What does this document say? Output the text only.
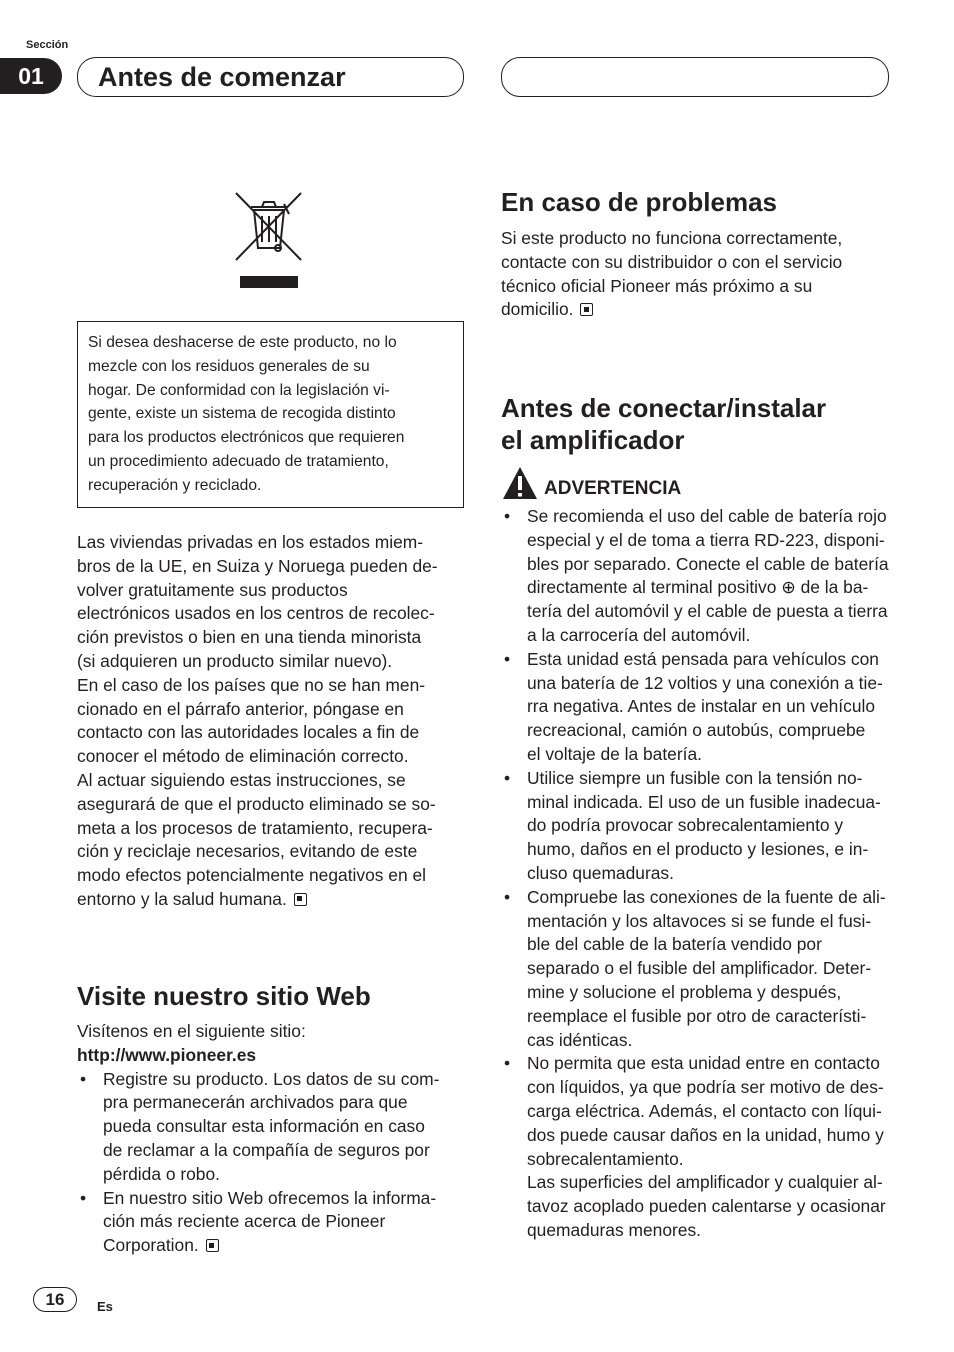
Sección
01	Antes de comenzar
Si desea deshacerse de este producto, no lo
mezcle con los residuos generales de su
hogar. De conformidad con la legislación vi-
gente, existe un sistema de recogida distinto
para los productos electrónicos que requieren
un procedimiento adecuado de tratamiento,
recuperación y reciclado.
Las viviendas privadas en los estados miem-
bros de la UE, en Suiza y Noruega pueden de-
volver gratuitamente sus productos
electrónicos usados en los centros de recolec-
ción previstos o bien en una tienda minorista
(si adquieren un producto similar nuevo).
En el caso de los países que no se han men-
cionado en el párrafo anterior, póngase en
contacto con las autoridades locales a fin de
conocer el método de eliminación correcto.
Al actuar siguiendo estas instrucciones, se
asegurará de que el producto eliminado se so-
meta a los procesos de tratamiento, recupera-
ción y reciclaje necesarios, evitando de este
modo efectos potencialmente negativos en el
entorno y la salud humana.
Visite nuestro sitio Web
Visítenos en el siguiente sitio:
http://www.pioneer.es
• Registre su producto. Los datos de su com-
pra permanecerán archivados para que
pueda consultar esta información en caso
de reclamar a la compañía de seguros por
pérdida o robo.
• En nuestro sitio Web ofrecemos la informa-
ción más reciente acerca de Pioneer
Corporation.
En caso de problemas
Si este producto no funciona correctamente,
contacte con su distribuidor o con el servicio
técnico oficial Pioneer más próximo a su
domicilio.
Antes de conectar/instalar
el amplificador
ADVERTENCIA
• Se recomienda el uso del cable de batería rojo
especial y el de toma a tierra RD-223, disponi-
bles por separado. Conecte el cable de batería
directamente al terminal positivo ⊕ de la ba-
tería del automóvil y el cable de puesta a tierra
a la carrocería del automóvil.
• Esta unidad está pensada para vehículos con
una batería de 12 voltios y una conexión a tie-
rra negativa. Antes de instalar en un vehículo
recreacional, camión o autobús, compruebe
el voltaje de la batería.
• Utilice siempre un fusible con la tensión no-
minal indicada. El uso de un fusible inadecua-
do podría provocar sobrecalentamiento y
humo, daños en el producto y lesiones, e in-
cluso quemaduras.
• Compruebe las conexiones de la fuente de ali-
mentación y los altavoces si se funde el fusi-
ble del cable de la batería vendido por
separado o el fusible del amplificador. Deter-
mine y solucione el problema y después,
reemplace el fusible por otro de característi-
cas idénticas.
• No permita que esta unidad entre en contacto
con líquidos, ya que podría ser motivo de des-
carga eléctrica. Además, el contacto con líqui-
dos puede causar daños en la unidad, humo y
sobrecalentamiento.
Las superficies del amplificador y cualquier al-
tavoz acoplado pueden calentarse y ocasionar
quemaduras menores.
16	Es
